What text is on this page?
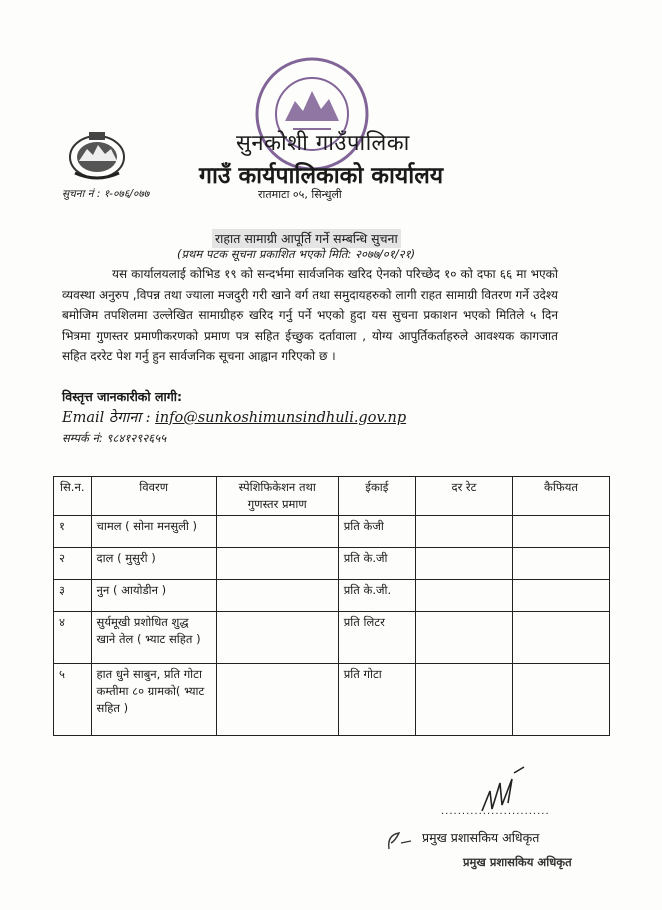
सुनकोशी गाउँपालिका
गाउँ कार्यपालिकाको कार्यालय
सुचना नं : १-०७६/०७७	रातमाटा ०५, सिन्धुली
राहात सामाग्री आपूर्ति गर्ने सम्बन्धि सुचना
(प्रथम पटक सूचना प्रकाशित भएको मिति: २०७७/०१/२१)

यस कार्यालयलाई कोभिड १९ को सन्दर्भमा सार्वजनिक खरिद ऐनको परिच्छेद १० को दफा ६६ मा भएको व्यवस्था अनुरुप ,विपन्न तथा ज्याला मजदुरी गरी खाने वर्ग तथा समुदायहरुको लागी राहत सामाग्री वितरण गर्ने उदेश्य बमोजिम तपशिलमा उल्लेखित सामाग्रीहरु खरिद गर्नु पर्ने भएको हुदा यस सुचना प्रकाशन भएको मितिले ५ दिन भित्रमा गुणस्तर प्रमाणीकरणको प्रमाण पत्र सहित ईच्छुक दर्तावाला , योग्य आपुर्तिकर्ताहरुले आवश्यक कागजात सहित दररेट पेश गर्नु हुन सार्वजनिक सूचना आह्वान गरिएको छ ।

विस्तृत्त जानकारीको लागी:
Email ठेगाना : info@sunkoshimunsindhuli.gov.np
सम्पर्क नं: ९८४१२९२६५५
सि.न.	विवरण	स्पेशिफिकेशन तथा गुणस्तर प्रमाण	ईकाई	दर रेट	कैफियत
१	चामल ( सोना मनसुली )		प्रति केजी		
२	दाल ( मुसुरी )		प्रति के.जी		
३	नुन ( आयोडीन )		प्रति के.जी.		
४	सुर्यमूखी प्रशोधित शुद्ध खाने तेल ( भ्याट सहित )		प्रति लिटर		
५	हात धुने साबुन, प्रति गोटा कम्तीमा ८० ग्रामको( भ्याट सहित )		प्रति गोटा		
..........................
प्रमुख प्रशासकिय अधिकृत
प्रमुख प्रशासकिय अधिकृत
